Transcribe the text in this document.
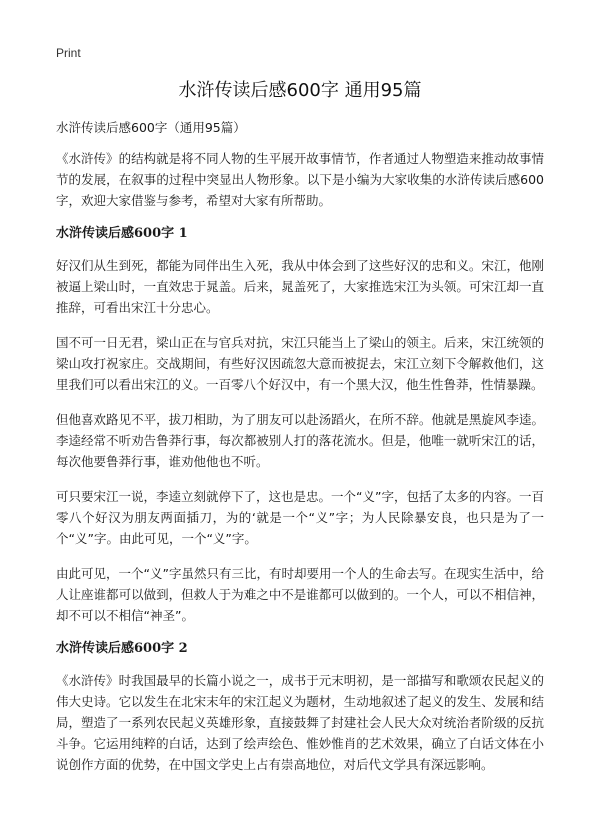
Print
水浒传读后感600字 通用95篇
水浒传读后感600字（通用95篇）

《水浒传》的结构就是将不同人物的生平展开故事情节，作者通过人物塑造来推动故事情节的发展，在叙事的过程中突显出人物形象。以下是小编为大家收集的水浒传读后感600字，欢迎大家借鉴与参考，希望对大家有所帮助。

水浒传读后感600字 1

好汉们从生到死，都能为同伴出生入死，我从中体会到了这些好汉的忠和义。宋江，他刚被逼上梁山时，一直效忠于晁盖。后来，晁盖死了，大家推选宋江为头领。可宋江却一直推辞，可看出宋江十分忠心。

国不可一日无君，梁山正在与官兵对抗，宋江只能当上了梁山的领主。后来，宋江统领的梁山攻打祝家庄。交战期间，有些好汉因疏忽大意而被捉去，宋江立刻下令解救他们，这里我们可以看出宋江的义。一百零八个好汉中，有一个黑大汉，他生性鲁莽，性情暴躁。

但他喜欢路见不平，拔刀相助，为了朋友可以赴汤蹈火，在所不辞。他就是黑旋风李逵。李逵经常不听劝告鲁莽行事，每次都被别人打的落花流水。但是，他唯一就听宋江的话，每次他要鲁莽行事，谁劝他他也不听。

可只要宋江一说，李逵立刻就停下了，这也是忠。一个“义”字，包括了太多的内容。一百零八个好汉为朋友两面插刀，为的‘就是一个“义”字；为人民除暴安良，也只是为了一个“义”字。由此可见，一个“义”字。

由此可见，一个“义”字虽然只有三比，有时却要用一个人的生命去写。在现实生活中，给人让座谁都可以做到，但救人于为难之中不是谁都可以做到的。一个人，可以不相信神，却不可以不相信“神圣”。

水浒传读后感600字 2

《水浒传》时我国最早的长篇小说之一，成书于元末明初，是一部描写和歌颂农民起义的伟大史诗。它以发生在北宋末年的宋江起义为题材，生动地叙述了起义的发生、发展和结局，塑造了一系列农民起义英雄形象，直接鼓舞了封建社会人民大众对统治者阶级的反抗斗争。它运用纯粹的白话，达到了绘声绘色、惟妙惟肖的艺术效果，确立了白话文体在小说创作方面的优势，在中国文学史上占有崇高地位，对后代文学具有深远影响。
